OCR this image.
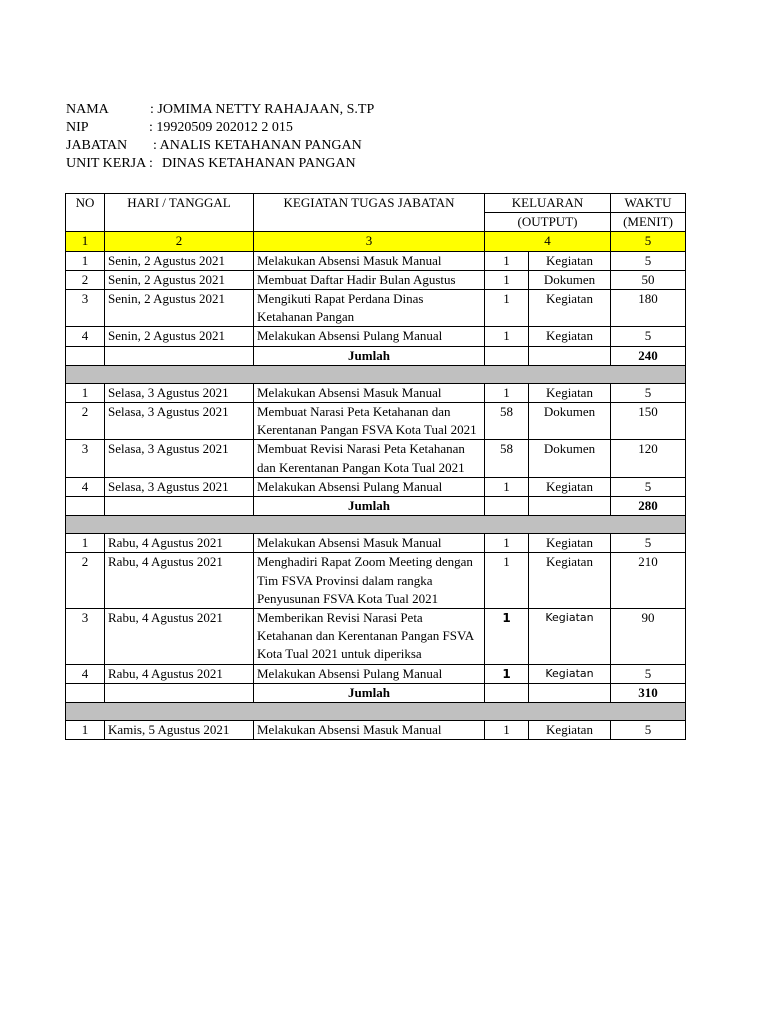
NAMA	: JOMIMA NETTY RAHAJAAN, S.TP
NIP	: 19920509 202012 2 015
JABATAN : ANALIS KETAHANAN PANGAN
UNIT KERJA : DINAS KETAHANAN PANGAN
NO	HARI / TANGGAL	KEGIATAN TUGAS JABATAN	KELUARAN		WAKTU
			(OUTPUT)		(MENIT)
1	2	3	4		5
1	Senin, 2 Agustus 2021	Melakukan Absensi Masuk Manual	1	Kegiatan	5
2	Senin, 2 Agustus 2021	Membuat Daftar Hadir Bulan Agustus	1	Dokumen	50
3	Senin, 2 Agustus 2021	Mengikuti Rapat Perdana Dinas Ketahanan Pangan	1	Kegiatan	180
4	Senin, 2 Agustus 2021	Melakukan Absensi Pulang Manual	1	Kegiatan	5
		Jumlah			240

1	Selasa, 3 Agustus 2021	Melakukan Absensi Masuk Manual	1	Kegiatan	5
2	Selasa, 3 Agustus 2021	Membuat Narasi Peta Ketahanan dan Kerentanan Pangan FSVA Kota Tual 2021	58	Dokumen	150
3	Selasa, 3 Agustus 2021	Membuat Revisi Narasi Peta Ketahanan dan Kerentanan Pangan Kota Tual 2021	58	Dokumen	120
4	Selasa, 3 Agustus 2021	Melakukan Absensi Pulang Manual	1	Kegiatan	5
		Jumlah			280

1	Rabu, 4 Agustus 2021	Melakukan Absensi Masuk Manual	1	Kegiatan	5
2	Rabu, 4 Agustus 2021	Menghadiri Rapat Zoom Meeting dengan Tim FSVA Provinsi dalam rangka Penyusunan FSVA Kota Tual 2021	1	Kegiatan	210
3	Rabu, 4 Agustus 2021	Memberikan Revisi Narasi Peta Ketahanan dan Kerentanan Pangan FSVA Kota Tual 2021 untuk diperiksa	1	Kegiatan	90
4	Rabu, 4 Agustus 2021	Melakukan Absensi Pulang Manual	1	Kegiatan	5
		Jumlah			310

1	Kamis, 5 Agustus 2021	Melakukan Absensi Masuk Manual	1	Kegiatan	5
